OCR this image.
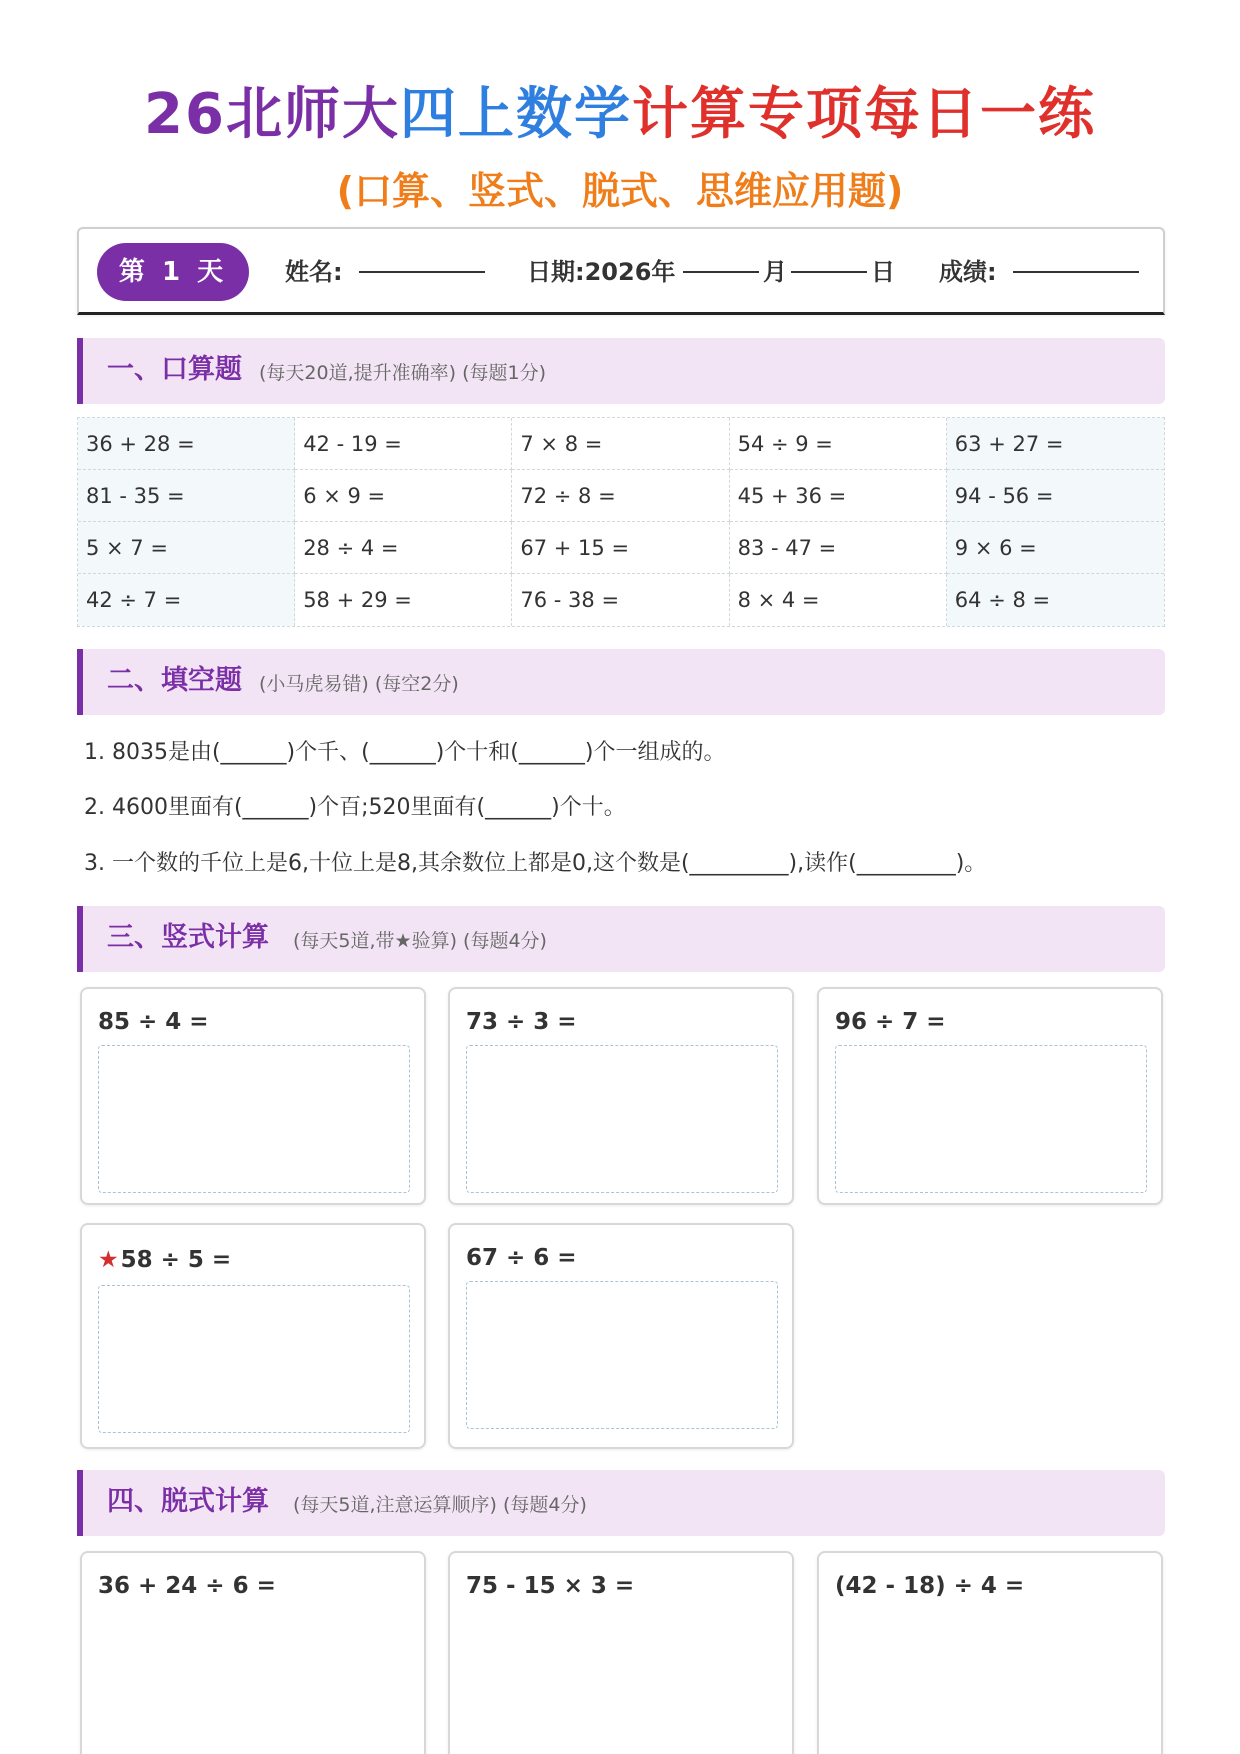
26北师大四上数学计算专项每日一练
(口算、竖式、脱式、思维应用题)
第 1 天	姓名:	日期:2026年	月	日 成绩:
一、口算题 (每天20道,提升准确率) (每题1分)
36 + 28 =	42 - 19 =	7 × 8 =	54 ÷ 9 =	63 + 27 =
81 - 35 =	6 × 9 =	72 ÷ 8 =	45 + 36 =	94 - 56 =
5 × 7 =	28 ÷ 4 =	67 + 15 =	83 - 47 =	9 × 6 =
42 ÷ 7 =	58 + 29 =	76 - 38 =	8 × 4 =	64 ÷ 8 =
二、填空题 (小马虎易错) (每空2分)
1. 8035是由(______)个千、(______)个十和(______)个一组成的。
2. 4600里面有(______)个百;520里面有(______)个十。
3. 一个数的千位上是6,十位上是8,其余数位上都是0,这个数是(_________),读作(_________)。
三、竖式计算 (每天5道,带★验算) (每题4分)
85 ÷ 4 =	73 ÷ 3 =	96 ÷ 7 =
★58 ÷ 5 =	67 ÷ 6 =
四、脱式计算 (每天5道,注意运算顺序) (每题4分)
36 + 24 ÷ 6 =	75 - 15 × 3 =	(42 - 18) ÷ 4 =
